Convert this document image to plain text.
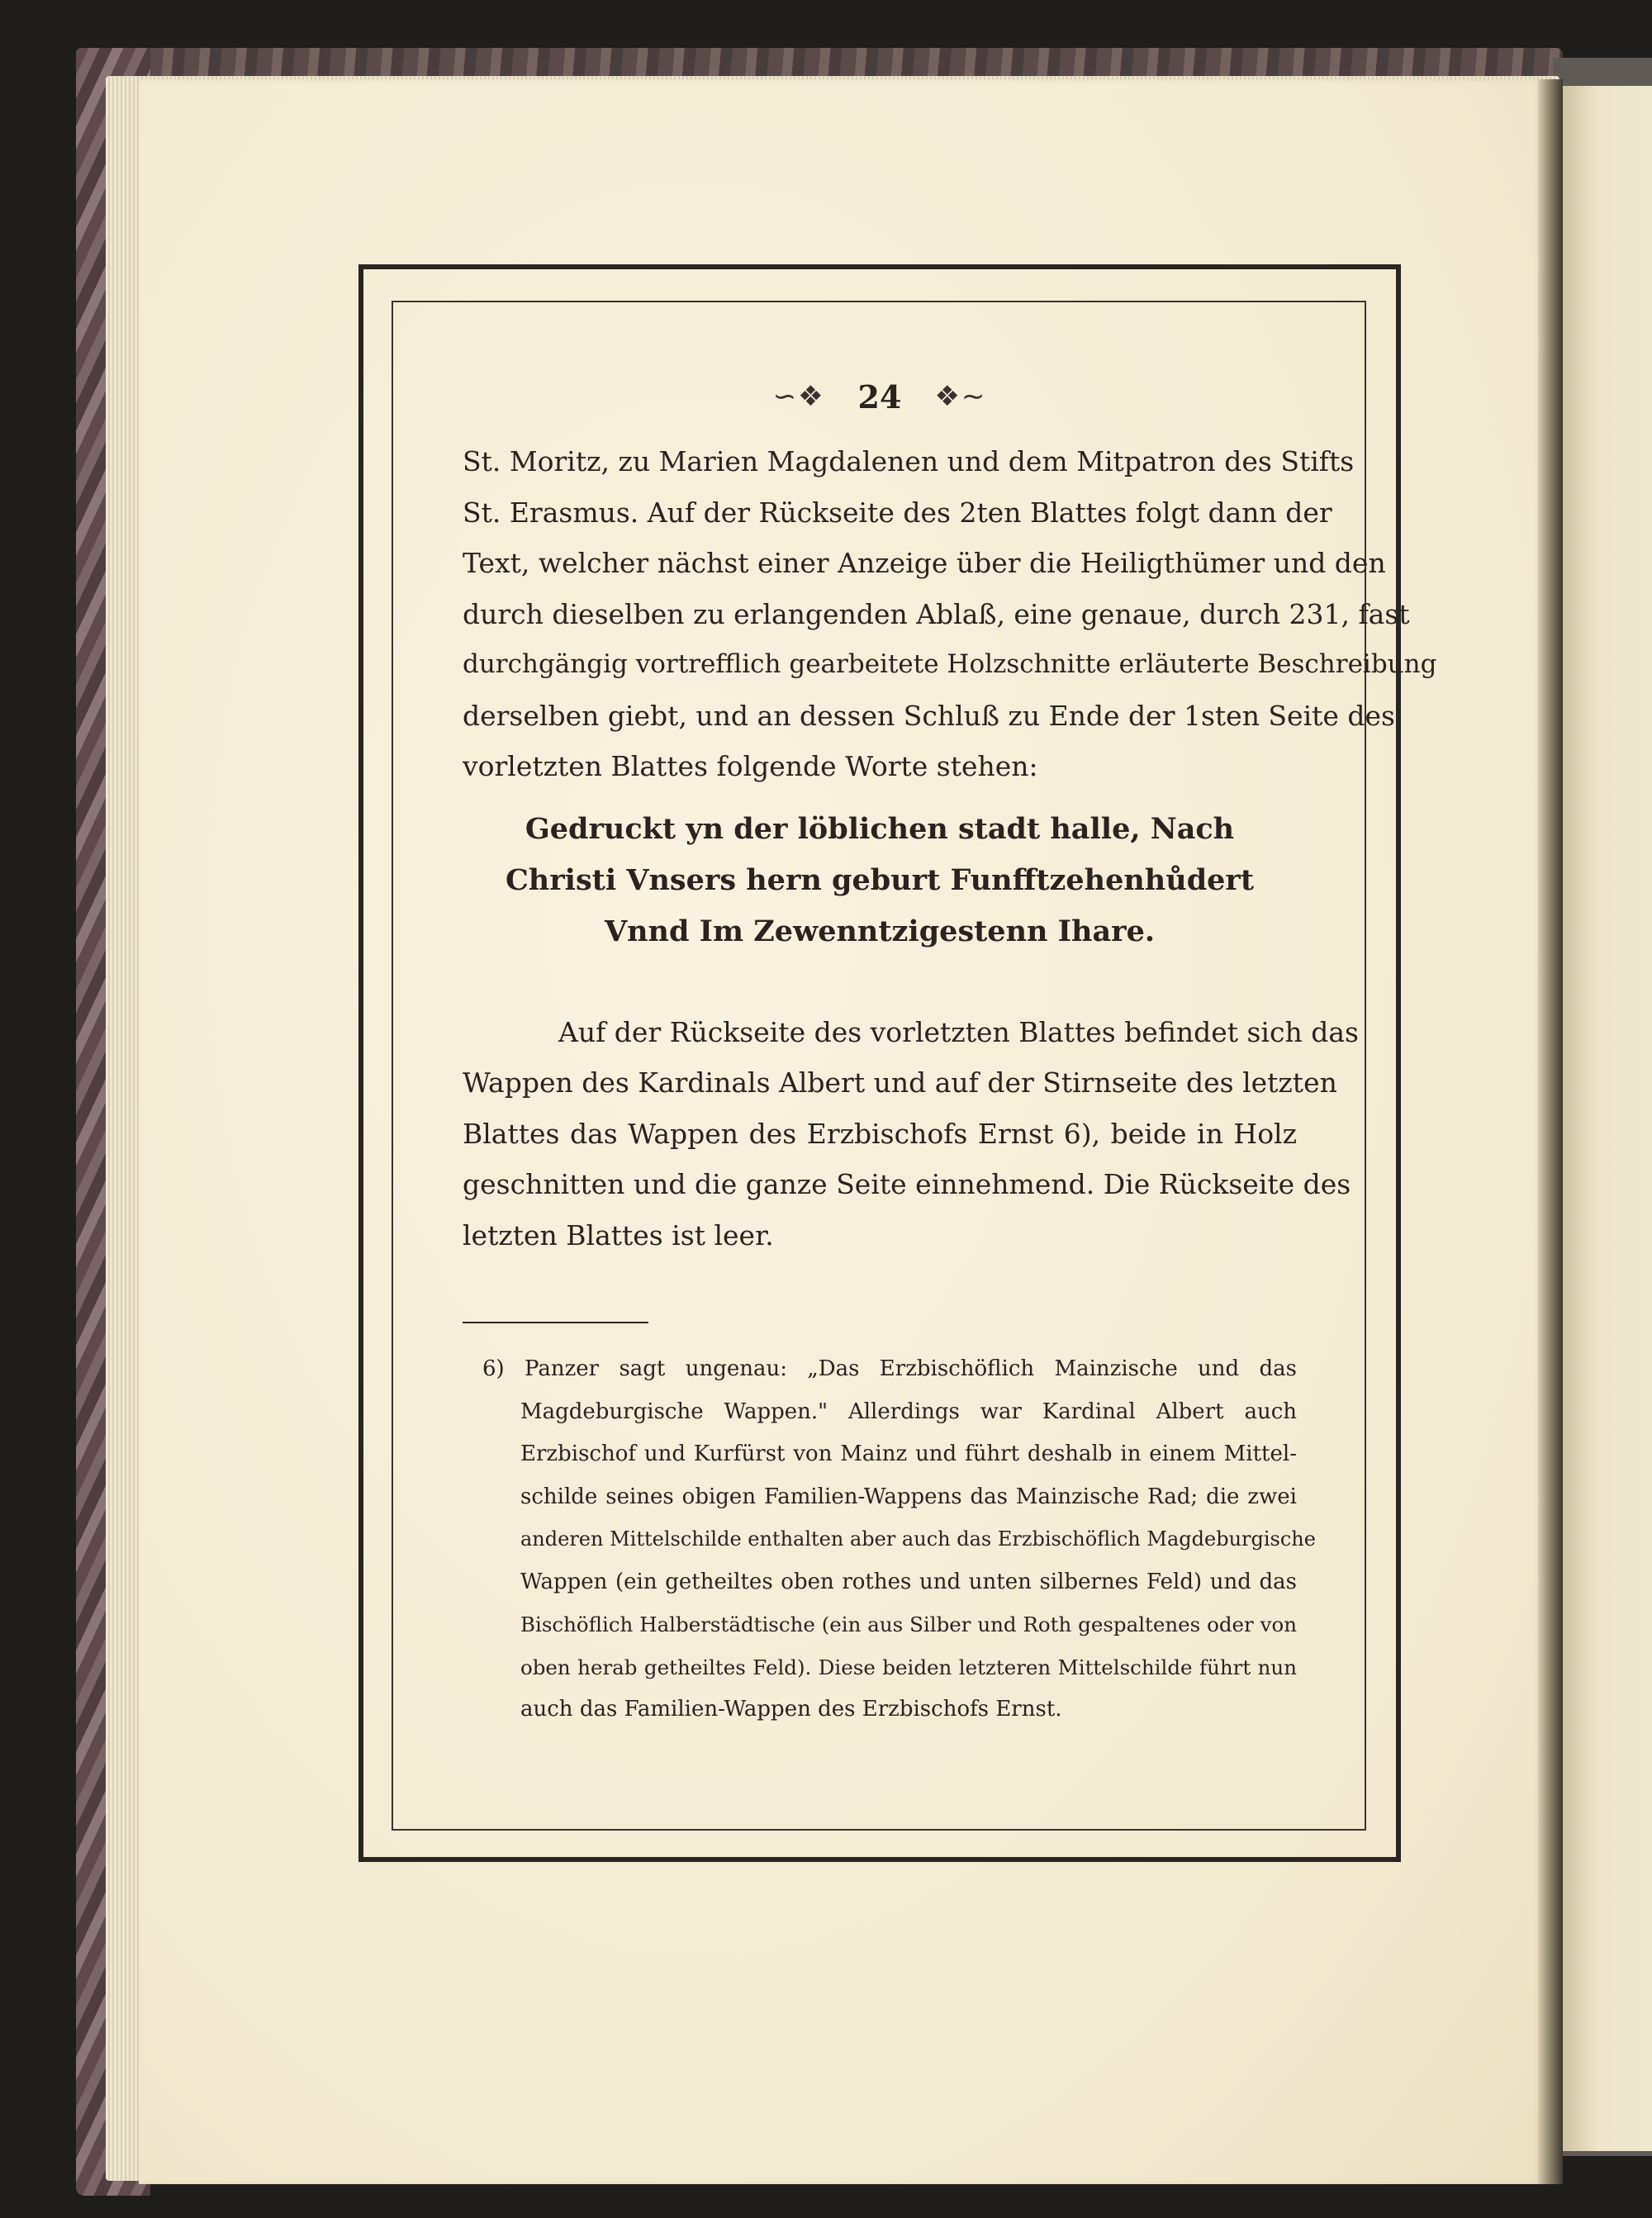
∽❖ 24 ❖∼

St. Moritz, zu Marien Magdalenen und dem Mitpatron des Stifts
St. Erasmus. Auf der Rückseite des 2ten Blattes folgt dann der
Text, welcher nächst einer Anzeige über die Heiligthümer und den
durch dieselben zu erlangenden Ablaß, eine genaue, durch 231, fast
durchgängig vortrefflich gearbeitete Holzschnitte erläuterte Beschreibung
derselben giebt, und an dessen Schluß zu Ende der 1sten Seite des
vorletzten Blattes folgende Worte stehen:

Gedruckt yn der löblichen stadt halle, Nach
Christi Vnsers hern geburt Funfftzehenhůdert
Vnnd Im Zewenntzigestenn Ihare.

Auf der Rückseite des vorletzten Blattes befindet sich das
Wappen des Kardinals Albert und auf der Stirnseite des letzten
Blattes das Wappen des Erzbischofs Ernst 6), beide in Holz
geschnitten und die ganze Seite einnehmend. Die Rückseite des
letzten Blattes ist leer.

6) Panzer sagt ungenau: „Das Erzbischöflich Mainzische und das
Magdeburgische Wappen." Allerdings war Kardinal Albert auch
Erzbischof und Kurfürst von Mainz und führt deshalb in einem Mittel-
schilde seines obigen Familien-Wappens das Mainzische Rad; die zwei
anderen Mittelschilde enthalten aber auch das Erzbischöflich Magdeburgische
Wappen (ein getheiltes oben rothes und unten silbernes Feld) und das
Bischöflich Halberstädtische (ein aus Silber und Roth gespaltenes oder von
oben herab getheiltes Feld). Diese beiden letzteren Mittelschilde führt nun
auch das Familien-Wappen des Erzbischofs Ernst.
